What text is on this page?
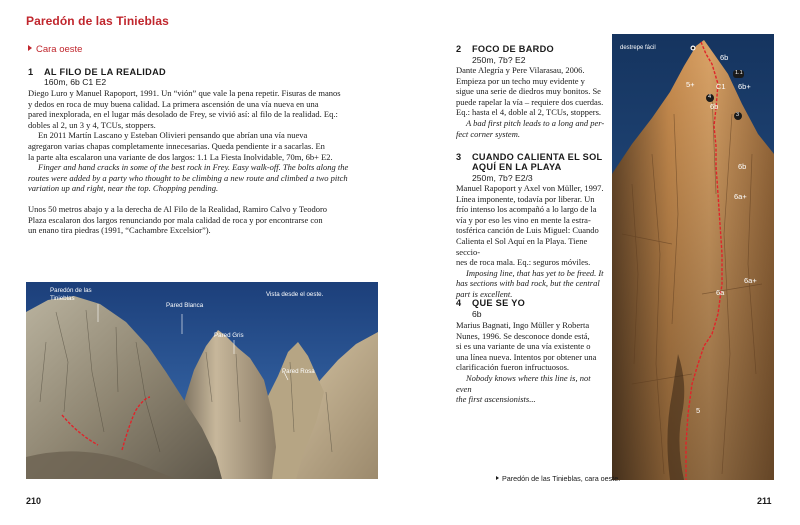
Paredón de las Tinieblas
Cara oeste
1 AL FILO DE LA REALIDAD
160m, 6b C1 E2

Diego Luro y Manuel Rapoport, 1991. Un “vión” que vale la pena repetir. Fisuras de manos

y dedos en roca de muy buena calidad. La primera ascensión de una vía nueva en una

pared inexplorada, en el lugar más desolado de Frey, se vivió así: al filo de la realidad. Eq.:

dobles al 2, un 3 y 4, TCUs, stoppers.

En 2011 Martín Lascano y Esteban Olivieri pensando que abrían una vía nueva

agregaron varias chapas completamente innecesarias. Queda pendiente ir a sacarlas. En

la parte alta escalaron una variante de dos largos: 1.1 La Fiesta Inolvidable, 70m, 6b+ E2.

Finger and hand cracks in some of the best rock in Frey. Easy walk-off. The bolts along the

routes were added by a party who thought to be climbing a new route and climbed a two pitch

variation up and right, near the top. Chopping pending.

Unos 50 metros abajo y a la derecha de Al Filo de la Realidad, Ramiro Calvo y Teodoro

Plaza escalaron dos largos renunciando por mala calidad de roca y por encontrarse con

un enano tira piedras (1991, “Cachambre Excelsior”).

Paredón de las
Tinieblas
Pared Blanca
Vista desde el oeste.
Pared Gris
Pared Rosa
2 FOCO DE BARDO
250m, 7b? E2

Dante Alegría y Pere Vilarasau, 2006.

Empieza por un techo muy evidente y

sigue una serie de diedros muy bonitos. Se

puede rapelar la vía – requiere dos cuerdas.

Eq.: hasta el 4, doble al 2, TCUs, stoppers.

A bad first pitch leads to a long and per-

fect corner system.

3 CUANDO CALIENTA EL SOL
AQUÍ EN LA PLAYA
250m, 7b? E2/3

Manuel Rapoport y Axel von Müller, 1997.

Línea imponente, todavía por liberar. Un

frío intenso los acompañó a lo largo de la

vía y por eso les vino en mente la estra-

tosférica canción de Luis Miguel: Cuando

Calienta el Sol Aquí en la Playa. Tiene seccio-

nes de roca mala. Eq.: seguros móviles.

Imposing line, that has yet to be freed. It

has sections with bad rock, but the central

part is excellent.

4 QUE SE YO
6b

Marius Bagnati, Ingo Müller y Roberta

Nunes, 1996. Se desconoce donde está,

si es una variante de una vía existente o

una línea nueva. Intentos por obtener una

clarificación fueron infructuosos.

Nobody knows where this line is, not even

the first ascensionists...

destrepe fácil
6b
C1 6b+
5+
6b
6b
6a+
6a
6a+
5
1.1
4
3
Paredón de las Tinieblas, cara oeste.
210	211
